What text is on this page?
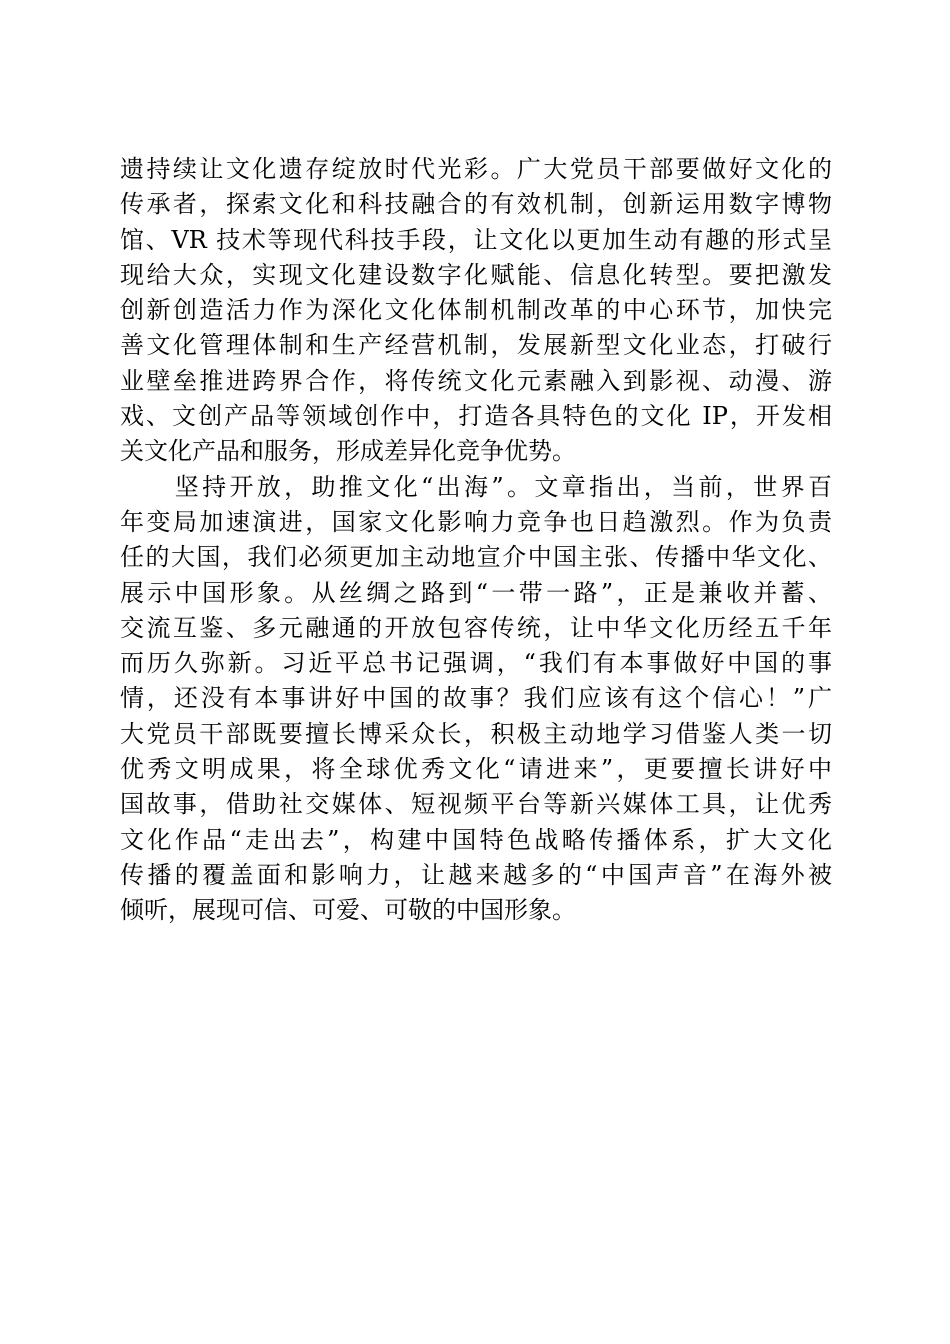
遗持续让文化遗存绽放时代光彩。广大党员干部要做好文化的
传承者，探索文化和科技融合的有效机制，创新运用数字博物
馆、VR 技术等现代科技手段，让文化以更加生动有趣的形式呈
现给大众，实现文化建设数字化赋能、信息化转型。要把激发
创新创造活力作为深化文化体制机制改革的中心环节，加快完
善文化管理体制和生产经营机制，发展新型文化业态，打破行
业壁垒推进跨界合作，将传统文化元素融入到影视、动漫、游
戏、文创产品等领域创作中，打造各具特色的文化 IP，开发相
关文化产品和服务，形成差异化竞争优势。

　　坚持开放，助推文化“出海”。文章指出，当前，世界百
年变局加速演进，国家文化影响力竞争也日趋激烈。作为负责
任的大国，我们必须更加主动地宣介中国主张、传播中华文化、
展示中国形象。从丝绸之路到“一带一路”，正是兼收并蓄、
交流互鉴、多元融通的开放包容传统，让中华文化历经五千年
而历久弥新。习近平总书记强调，“我们有本事做好中国的事
情，还没有本事讲好中国的故事？我们应该有这个信心！”广
大党员干部既要擅长博采众长，积极主动地学习借鉴人类一切
优秀文明成果，将全球优秀文化“请进来”，更要擅长讲好中
国故事，借助社交媒体、短视频平台等新兴媒体工具，让优秀
文化作品“走出去”，构建中国特色战略传播体系，扩大文化
传播的覆盖面和影响力，让越来越多的“中国声音”在海外被
倾听，展现可信、可爱、可敬的中国形象。
